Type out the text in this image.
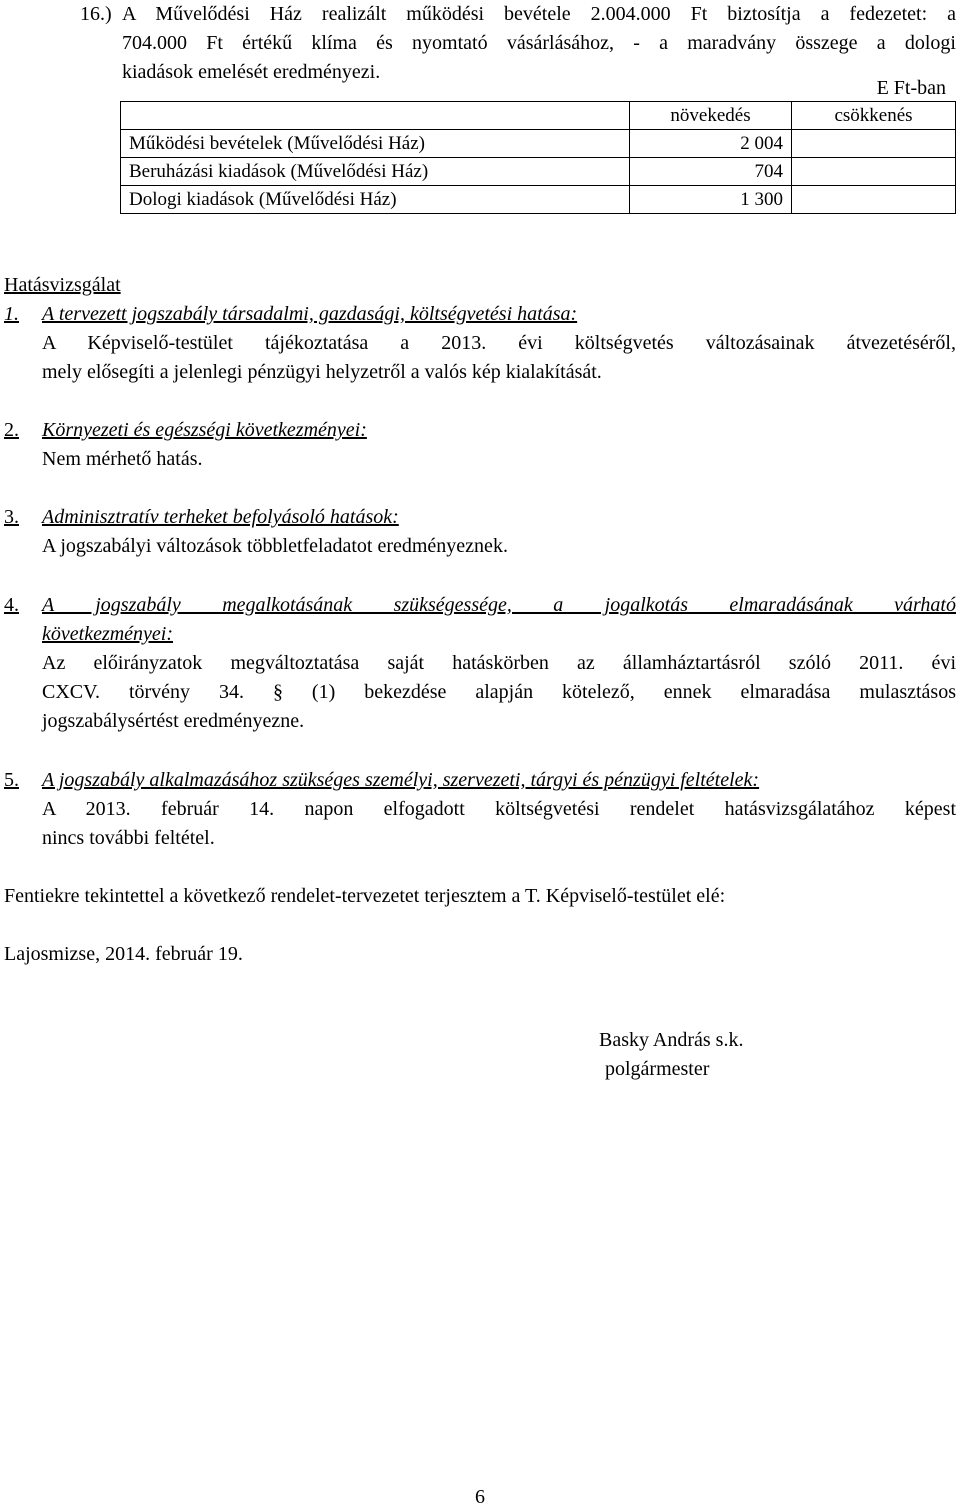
16.) A Művelődési Ház realizált működési bevétele 2.004.000 Ft biztosítja a fedezetet: a
704.000 Ft értékű klíma és nyomtató vásárlásához, - a maradvány összege a dologi
kiadások emelését eredményezi.
E Ft-ban
	növekedés	csökkenés
Működési bevételek (Művelődési Ház)	2 004	
Beruházási kiadások (Művelődési Ház)	704	
Dologi kiadások (Művelődési Ház)	1 300	
Hatásvizsgálat
1. A tervezett jogszabály társadalmi, gazdasági, költségvetési hatása:
A Képviselő-testület tájékoztatása a 2013. évi költségvetés változásainak átvezetéséről,
mely elősegíti a jelenlegi pénzügyi helyzetről a valós kép kialakítását.
2. Környezeti és egészségi következményei:
Nem mérhető hatás.
3. Adminisztratív terheket befolyásoló hatások:
A jogszabályi változások többletfeladatot eredményeznek.
4.	A jogszabály megalkotásának szükségessége, a jogalkotás elmaradásának várható
következményei:
Az előirányzatok megváltoztatása saját hatáskörben az államháztartásról szóló 2011. évi
CXCV. törvény 34. § (1) bekezdése alapján kötelező, ennek elmaradása mulasztásos
jogszabálysértést eredményezne.
5. A jogszabály alkalmazásához szükséges személyi, szervezeti, tárgyi és pénzügyi feltételek:
A 2013. február 14. napon elfogadott költségvetési rendelet hatásvizsgálatához képest
nincs további feltétel.
Fentiekre tekintettel a következő rendelet-tervezetet terjesztem a T. Képviselő-testület elé:
Lajosmizse, 2014. február 19.
Basky András s.k.
polgármester
6
